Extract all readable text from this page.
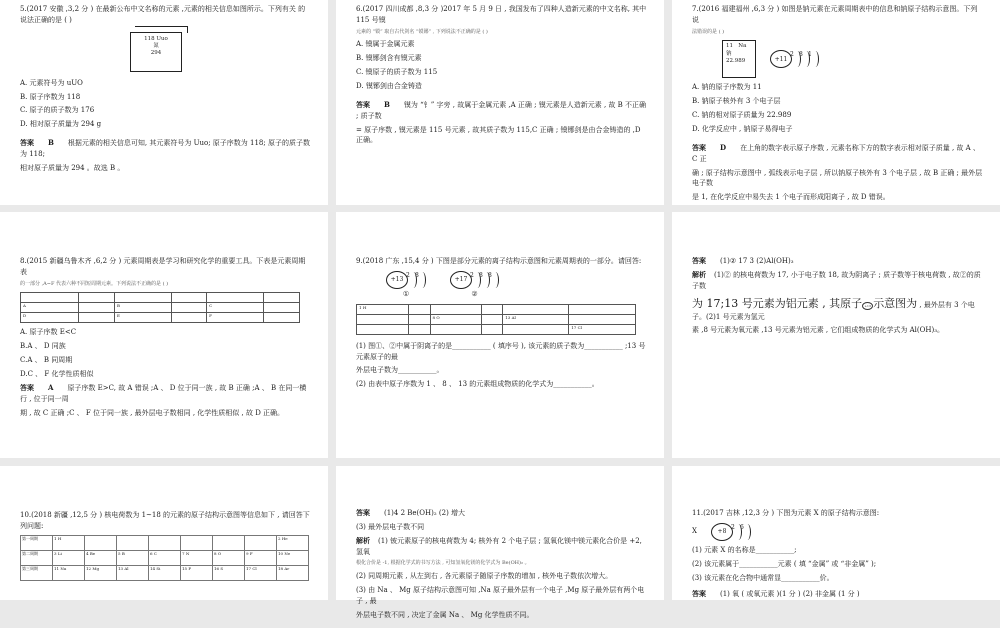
5.(2017 安徽 ,3,2 分 ) 在最新公布中文名称的元素 ,元素的相关信息如图所示。下列有关 的说法正确的是 ( )

118 Uuo
氮
294

A. 元素符号为 uUO

B. 原子序数为 118

C. 原子的质子数为 176

D. 相对原子质量为 294 g

答案 B 根据元素的相关信息可知, 其元素符号为 Uuo; 原子序数为 118; 原子的质子数为 118;

相对原子质量为 294 。故选 B 。

6.(2017 四川成都 ,8,3 分 )2017 年 5 月 9 日 , 我国发布了四种人造新元素的中文名称, 其中 115 号镆

元素的 “镆” 取自古代剑名 “镆铘” , 下列说法不正确的是 ( )

A. 镆属于金属元素

B. 镆铘剑含有镆元素

C. 镆原子的质子数为 115

D. 镆铘剑由合金铸造

答案 B 镆为 “钅” 字旁 , 故属于金属元素 ,A 正确 ; 镆元素是人造新元素 , 故 B 不正确 ; 质子数

= 原子序数 , 镆元素是 115 号元素 , 故其质子数为 115,C 正确 ; 镆铘剑是由合金铸造的 ,D 正确。

7.(2016 福建福州 ,6,3 分 ) 如图是钠元素在元素周期表中的信息和钠原子结构示意图。下列说

法错误的是 ( )

11 Na
钠
22.989	+11
2 8 1

A. 钠的原子序数为 11

B. 钠原子核外有 3 个电子层

C. 钠的相对原子质量为 22.989

D. 化学反应中 , 钠原子易得电子

答案 D 在上角的数字表示原子序数 , 元素名称下方的数字表示相对原子质量 , 故 A 、C 正

确 ; 原子结构示意图中 , 弧线表示电子层 , 所以钠原子核外有 3 个电子层 , 故 B 正确 ; 最外层电子数

是 1, 在化学反应中易失去 1 个电子而形成阳离子 , 故 D 错误。

8.(2015 新疆乌鲁木齐 ,6,2 分 ) 元素周期表是学习和研究化学的重要工具。下表是元素周期表

的一部分 ,A~F 代表六种不同短周期元素。下列说法不正确的是 ( )

A		B		C	
D		E		F	

A. 原子序数 E<C

B.A 、 D 同族

C.A 、 B 同周期

D.C 、 F 化学性质相似

答案 A 原子序数 E>C, 故 A 错误 ;A 、 D 位于同一族 , 故 B 正确 ;A 、 B 在同一横行 , 位于同一周

期 , 故 C 正确 ;C 、 F 位于同一族 , 最外层电子数相同 , 化学性质相似 , 故 D 正确。

9.(2018 广东 ,15,4 分 ) 下图是部分元素的离子结构示意图和元素周期表的一部分。请回答:

+13
2 8
①
+17
2 8 8
②
1 H					
		8 O		13 Al	
					17 Cl

(1) 图①、②中属于阴离子的是___________ ( 填序号 ), 该元素的质子数为___________ ;13 号元素原子的最

外层电子数为___________。

(2) 由表中原子序数为 1 、 8 、 13 的元素组成物质的化学式为___________。

答案 (1)② 17 3 (2)Al(OH)₃

解析 (1)② 的核电荷数为 17, 小于电子数 18, 故为阴离子 ; 质子数等于核电荷数 , 故②的质子数

为 17;13 号元素为铝元素 , 其原子 +13 示意图为 , 最外层有 3 个电子。(2)1 号元素为氢元

素 ,8 号元素为氧元素 ,13 号元素为铝元素 , 它们组成物质的化学式为 Al(OH)₃。

10.(2018 新疆 ,12,5 分 ) 核电荷数为 1~18 的元素的原子结构示意图等信息如下 , 请回答下列问题:

第一周期	1 H							2 He
第二周期	3 Li	4 Be	5 B	6 C	7 N	8 O	9 F	10 Ne
第三周期	11 Na	12 Mg	13 Al	14 Si	15 P	16 S	17 Cl	18 Ar

答案 (1)4 2 Be(OH)₂ (2) 增大

(3) 最外层电子数不同

解析 (1) 铍元素原子的核电荷数为 4; 核外有 2 个电子层 ; 氢氧化镁中镁元素化合价是 +2, 氢氧

根化合价是 -1, 根据化学式的书写方法 , 可知氢氧化镁的化学式为 Be(OH)₂ 。

(2) 同周期元素 , 从左到右 , 各元素原子随原子序数的增加 , 核外电子数依次增大。

(3) 由 Na 、 Mg 原子结构示意图可知 ,Na 原子最外层有一个电子 ,Mg 原子最外层有两个电子 , 最

外层电子数不同 , 决定了金属 Na 、 Mg 化学性质不同。

11.(2017 吉林 ,12,3 分 ) 下图为元素 X 的原子结构示意图:

X	+8
2 6

(1) 元素 X 的名称是___________;

(2) 该元素属于___________元素 ( 填 “金属” 或 “非金属” );

(3) 该元素在化合物中通常显___________价。

答案 (1) 氧 ( 或氧元素 )(1 分 ) (2) 非金属 (1 分 )
